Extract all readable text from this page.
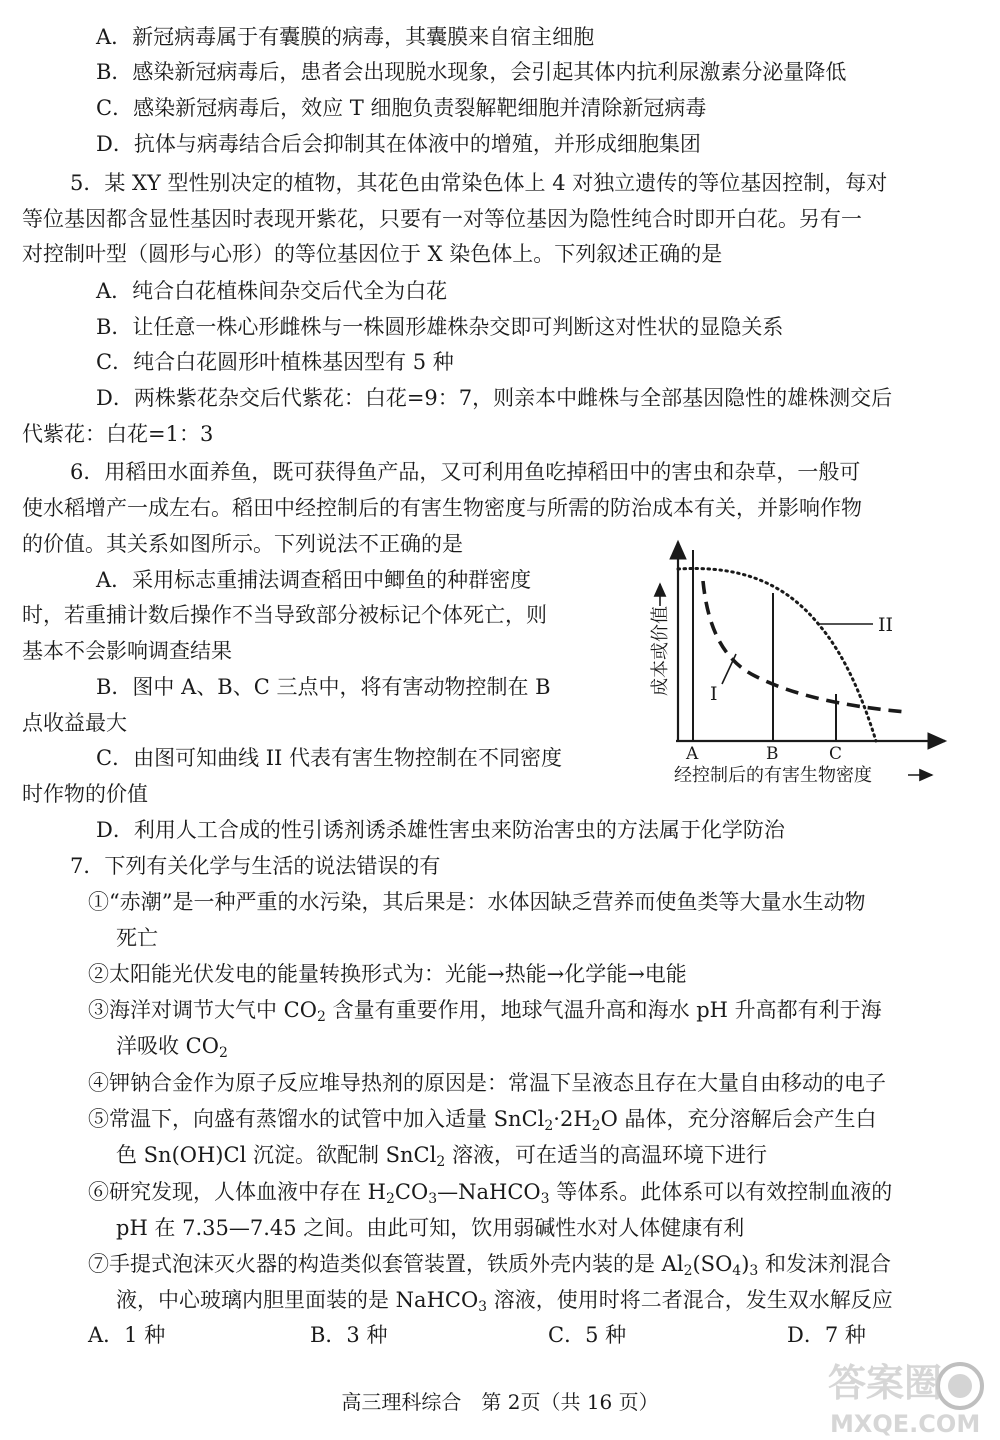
A．新冠病毒属于有囊膜的病毒，其囊膜来自宿主细胞
B．感染新冠病毒后，患者会出现脱水现象，会引起其体内抗利尿激素分泌量降低
C．感染新冠病毒后，效应 T 细胞负责裂解靶细胞并清除新冠病毒
D．抗体与病毒结合后会抑制其在体液中的增殖，并形成细胞集团
5．某 XY 型性别决定的植物，其花色由常染色体上 4 对独立遗传的等位基因控制，每对
等位基因都含显性基因时表现开紫花，只要有一对等位基因为隐性纯合时即开白花。另有一
对控制叶型（圆形与心形）的等位基因位于 X 染色体上。下列叙述正确的是
A．纯合白花植株间杂交后代全为白花
B．让任意一株心形雌株与一株圆形雄株杂交即可判断这对性状的显隐关系
C．纯合白花圆形叶植株基因型有 5 种
D．两株紫花杂交后代紫花：白花=9：7，则亲本中雌株与全部基因隐性的雄株测交后
代紫花：白花=1：3
6．用稻田水面养鱼，既可获得鱼产品，又可利用鱼吃掉稻田中的害虫和杂草，一般可
使水稻增产一成左右。稻田中经控制后的有害生物密度与所需的防治成本有关，并影响作物
的价值。其关系如图所示。下列说法不正确的是
A．采用标志重捕法调查稻田中鲫鱼的种群密度
时，若重捕计数后操作不当导致部分被标记个体死亡，则
基本不会影响调查结果
B．图中 A、B、C 三点中，将有害动物控制在 B
点收益最大
C．由图可知曲线 II 代表有害生物控制在不同密度
时作物的价值
D．利用人工合成的性引诱剂诱杀雄性害虫来防治害虫的方法属于化学防治
II
I
A	B	C
经控制后的有害生物密度
成本或价值
7．下列有关化学与生活的说法错误的有
①“赤潮”是一种严重的水污染，其后果是：水体因缺乏营养而使鱼类等大量水生动物
死亡
②太阳能光伏发电的能量转换形式为：光能→热能→化学能→电能
③海洋对调节大气中 $CO_2$ 含量有重要作用，地球气温升高和海水 pH 升高都有利于海
洋吸收 $CO_2$
④钾钠合金作为原子反应堆导热剂的原因是：常温下呈液态且存在大量自由移动的电子
⑤常温下，向盛有蒸馏水的试管中加入适量 $SnCl_2\cdot 2H_2O$ 晶体，充分溶解后会产生白
色 Sn(OH)Cl 沉淀。欲配制 SnCl$_2$ 溶液，可在适当的高温环境下进行
⑥研究发现，人体血液中存在 $H_2CO_3—NaHCO_3$ 等体系。此体系可以有效控制血液的
pH 在 7.35—7.45 之间。由此可知，饮用弱碱性水对人体健康有利
⑦手提式泡沫灭火器的构造类似套管装置，铁质外壳内装的是 $Al_2(SO_4)_3$ 和发沫剂混合
液，中心玻璃内胆里面装的是 NaHCO$_3$ 溶液，使用时将二者混合，发生双水解反应
A．1 种	B．3 种	C．5 种	D．7 种
高三理科综合　第 2页（共 16 页）	答案圈
MXQE.COM
